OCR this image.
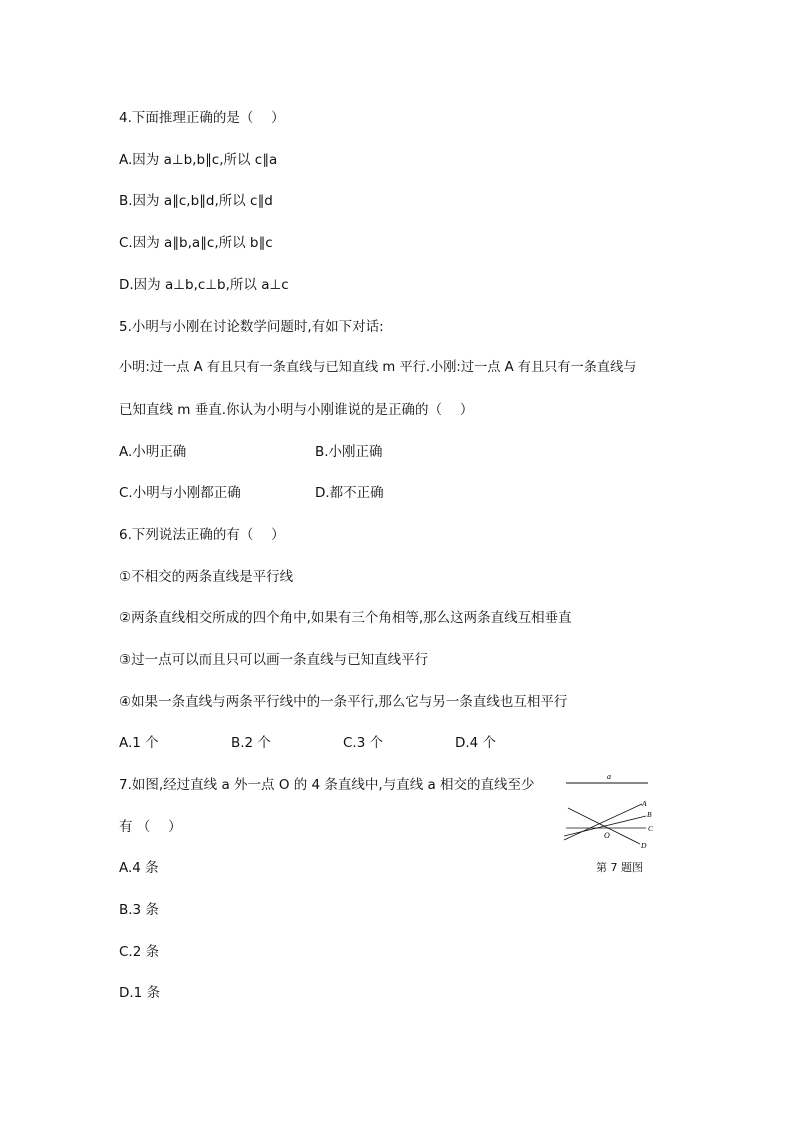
4.下面推理正确的是（　 ）
A.因为 a⊥b,b∥c,所以 c∥a
B.因为 a∥c,b∥d,所以 c∥d
C.因为 a∥b,a∥c,所以 b∥c
D.因为 a⊥b,c⊥b,所以 a⊥c
5.小明与小刚在讨论数学问题时,有如下对话:
小明:过一点 A 有且只有一条直线与已知直线 m 平行.小刚:过一点 A 有且只有一条直线与
已知直线 m 垂直.你认为小明与小刚谁说的是正确的（　 ）
A.小明正确	B.小刚正确
C.小明与小刚都正确	D.都不正确
6.下列说法正确的有（　 ）
①不相交的两条直线是平行线
②两条直线相交所成的四个角中,如果有三个角相等,那么这两条直线互相垂直
③过一点可以而且只可以画一条直线与已知直线平行
④如果一条直线与两条平行线中的一条平行,那么它与另一条直线也互相平行
A.1 个	B.2 个	C.3 个	D.4 个
7.如图,经过直线 a 外一点 O 的 4 条直线中,与直线 a 相交的直线至少
有 （　 ）
A.4 条
B.3 条
C.2 条
D.1 条
a
O
A
B
C
D
第 7 题图
